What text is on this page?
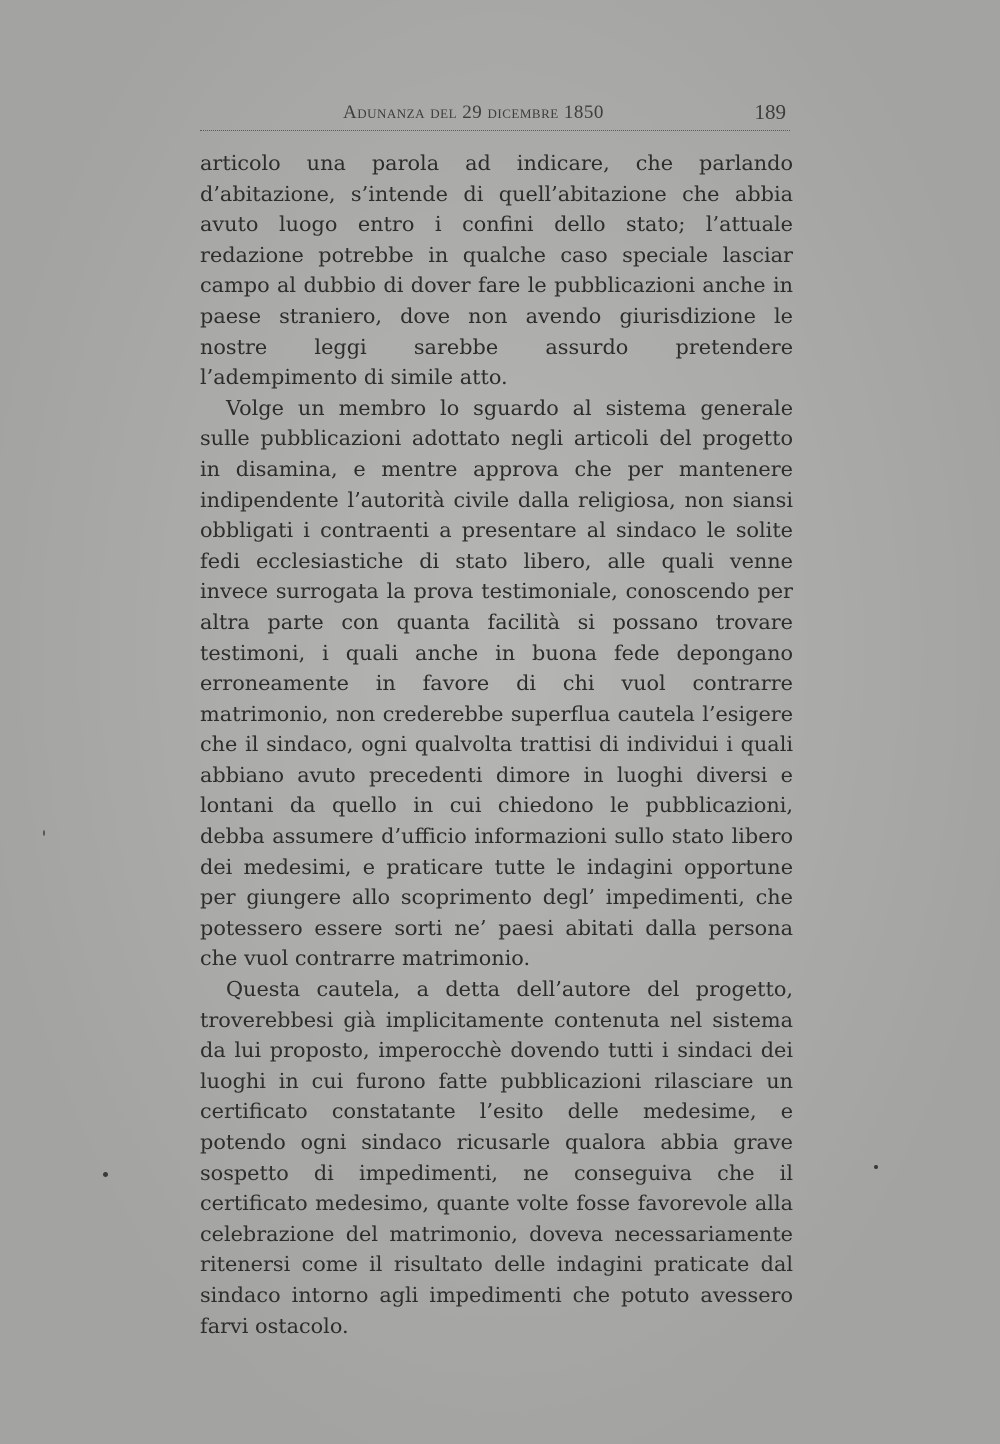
Adunanza del 29 dicembre 1850	189

articolo una parola ad indicare, che parlando d’abitazione, s’intende di quell’abitazione che abbia avuto luogo entro i confini dello stato; l’attuale redazione potrebbe in qualche caso speciale lasciar campo al dubbio di dover fare le pubblicazioni anche in paese straniero, dove non avendo giurisdizione le nostre leggi sarebbe assurdo pretendere l’adempimento di simile atto.

Volge un membro lo sguardo al sistema generale sulle pubblicazioni adottato negli articoli del progetto in disamina, e mentre approva che per mantenere indipendente l’autorità civile dalla religiosa, non siansi obbligati i contraenti a presentare al sindaco le solite fedi ecclesiastiche di stato libero, alle quali venne invece surrogata la prova testimoniale, conoscendo per altra parte con quanta facilità si possano trovare testimoni, i quali anche in buona fede depongano erroneamente in favore di chi vuol contrarre matrimonio, non crederebbe superflua cautela l’esigere che il sindaco, ogni qualvolta trattisi di individui i quali abbiano avuto precedenti dimore in luoghi diversi e lontani da quello in cui chiedono le pubblicazioni, debba assumere d’ufficio informazioni sullo stato libero dei medesimi, e praticare tutte le indagini opportune per giungere allo scoprimento degl’ impedimenti, che potessero essere sorti ne’ paesi abitati dalla persona che vuol contrarre matrimonio.

Questa cautela, a detta dell’autore del progetto, troverebbesi già implicitamente contenuta nel sistema da lui proposto, imperocchè dovendo tutti i sindaci dei luoghi in cui furono fatte pubblicazioni rilasciare un certificato constatante l’esito delle medesime, e potendo ogni sindaco ricusarle qualora abbia grave sospetto di impedimenti, ne conseguiva che il certificato medesimo, quante volte fosse favorevole alla celebrazione del matrimonio, doveva necessariamente ritenersi come il risultato delle indagini praticate dal sindaco intorno agli impedimenti che potuto avessero farvi ostacolo.
